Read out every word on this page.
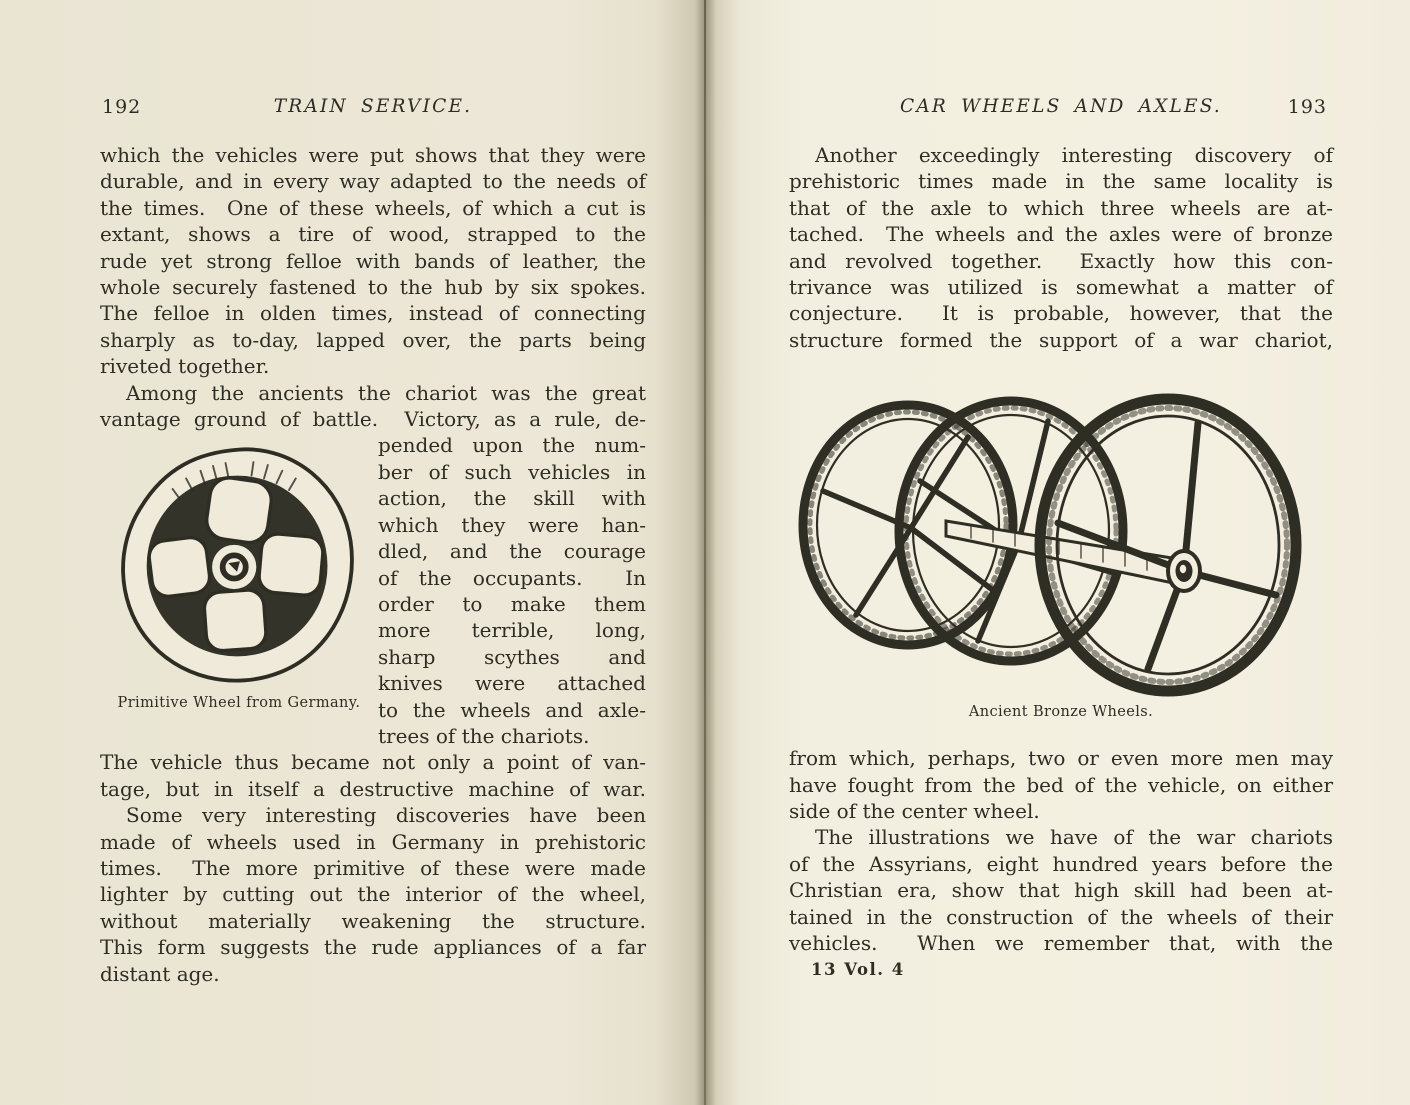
192	TRAIN SERVICE.
which the vehicles were put shows that they were
durable, and in every way adapted to the needs of
the times.  One of these wheels, of which a cut is
extant, shows a tire of wood, strapped to the
rude yet strong felloe with bands of leather, the
whole securely fastened to the hub by six spokes.
The felloe in olden times, instead of connecting
sharply as to-day, lapped over, the parts being
riveted together.
Among the ancients the chariot was the great
vantage ground of battle.  Victory, as a rule, de-
Primitive Wheel from Germany.
pended upon the num-
ber of such vehicles in
action, the skill with
which they were han-
dled, and the courage
of the occupants.  In
order to make them
more terrible, long,
sharp scythes and
knives were attached
to the wheels and axle-
trees of the chariots.
The vehicle thus became not only a point of van-
tage, but in itself a destructive machine of war.
Some very interesting discoveries have been
made of wheels used in Germany in prehistoric
times.  The more primitive of these were made
lighter by cutting out the interior of the wheel,
without materially weakening the structure.
This form suggests the rude appliances of a far
distant age.
193
CAR WHEELS AND AXLES.
Another exceedingly interesting discovery of
prehistoric times made in the same locality is
that of the axle to which three wheels are at-
tached.  The wheels and the axles were of bronze
and revolved together.  Exactly how this con-
trivance was utilized is somewhat a matter of
conjecture.  It is probable, however, that the
structure formed the support of a war chariot,
Ancient Bronze Wheels.
from which, perhaps, two or even more men may
have fought from the bed of the vehicle, on either
side of the center wheel.
The illustrations we have of the war chariots
of the Assyrians, eight hundred years before the
Christian era, show that high skill had been at-
tained in the construction of the wheels of their
vehicles.  When we remember that, with the
13 Vol. 4
